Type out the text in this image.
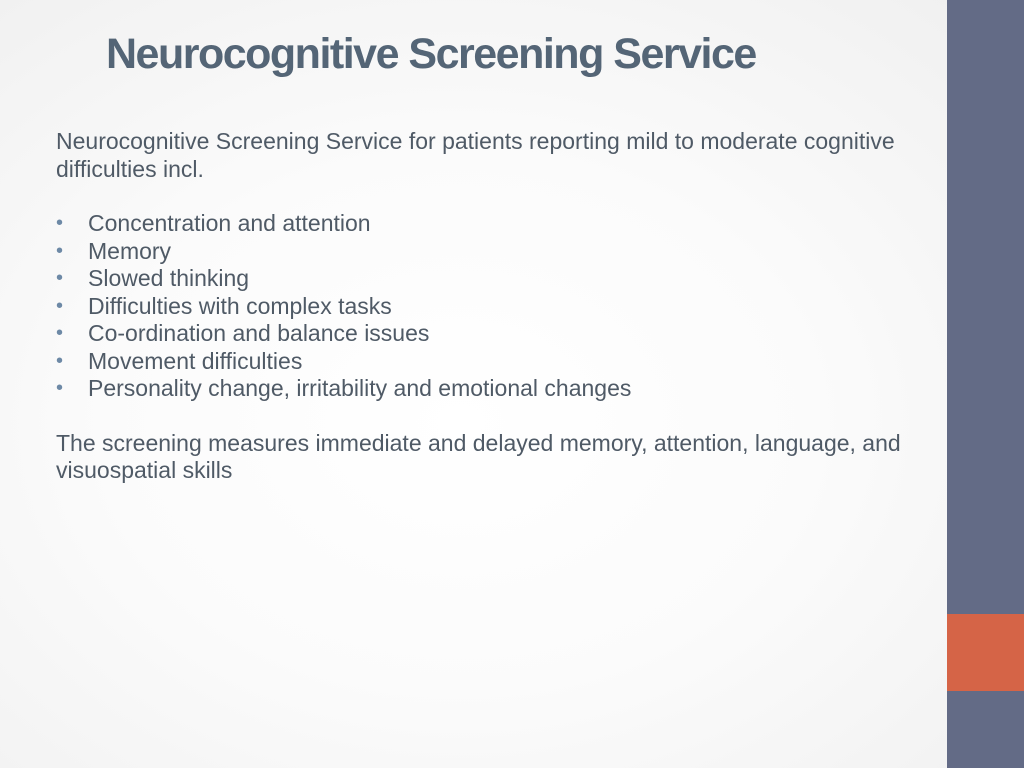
Neurocognitive Screening Service

Neurocognitive Screening Service for patients reporting mild to moderate cognitive difficulties incl.

• Concentration and attention
• Memory
• Slowed thinking
• Difficulties with complex tasks
• Co-ordination and balance issues
• Movement difficulties
• Personality change, irritability and emotional changes

The screening measures immediate and delayed memory, attention, language, and visuospatial skills
